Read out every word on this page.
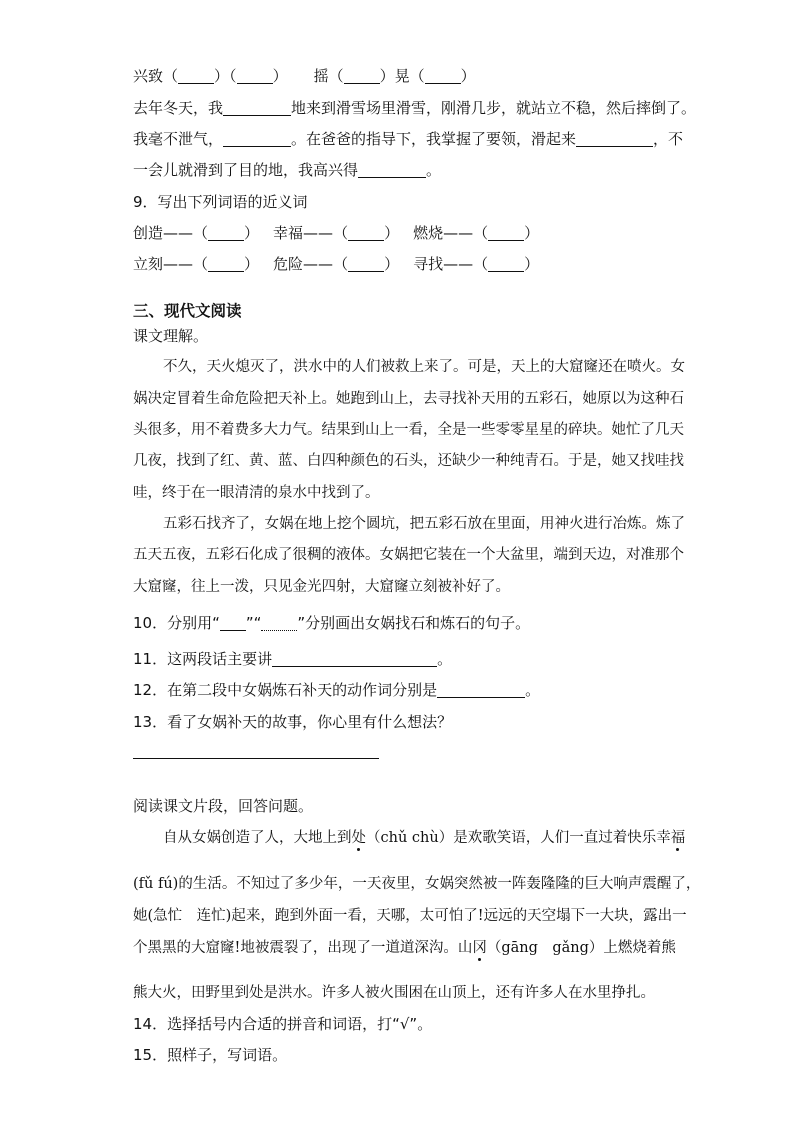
兴致（ ）（ ） 摇（ ）晃（ ）
去年冬天，我	地来到滑雪场里滑雪，刚滑几步，就站立不稳，然后摔倒了。
我毫不泄气，	。在爸爸的指导下，我掌握了要领，滑起来	，不
一会儿就滑到了目的地，我高兴得	。
9．写出下列词语的近义词
创造——（ ） 幸福——（ ） 燃烧——（ ）
立刻——（ ） 危险——（ ） 寻找——（ ）
三、现代文阅读
课文理解。
不久，天火熄灭了，洪水中的人们被救上来了。可是，天上的大窟窿还在喷火。女
娲决定冒着生命危险把天补上。她跑到山上，去寻找补天用的五彩石，她原以为这种石
头很多，用不着费多大力气。结果到山上一看，全是一些零零星星的碎块。她忙了几天
几夜，找到了红、黄、蓝、白四种颜色的石头，还缺少一种纯青石。于是，她又找哇找
哇，终于在一眼清清的泉水中找到了。
五彩石找齐了，女娲在地上挖个圆坑，把五彩石放在里面，用神火进行冶炼。炼了
五天五夜，五彩石化成了很稠的液体。女娲把它装在一个大盆里，端到天边，对准那个
大窟窿，往上一泼，只见金光四射，大窟窿立刻被补好了。
10．分别用“ ”“ ”分别画出女娲找石和炼石的句子。
11．这两段话主要讲	。
12．在第二段中女娲炼石补天的动作词分别是	。
13．看了女娲补天的故事，你心里有什么想法？
阅读课文片段，回答问题。
自从女娲创造了人，大地上到处（chǔ chù）是欢歌笑语，人们一直过着快乐幸福
(fǔ fú)的生活。不知过了多少年，一天夜里，女娲突然被一阵轰隆隆的巨大响声震醒了，
她(急忙　连忙)起来，跑到外面一看，天哪，太可怕了!远远的天空塌下一大块，露出一
个黑黑的大窟窿!地被震裂了，出现了一道道深沟。山冈（gāng　gǎng）上燃烧着熊
熊大火，田野里到处是洪水。许多人被火围困在山顶上，还有许多人在水里挣扎。
14．选择括号内合适的拼音和词语，打“√”。
15．照样子，写词语。
